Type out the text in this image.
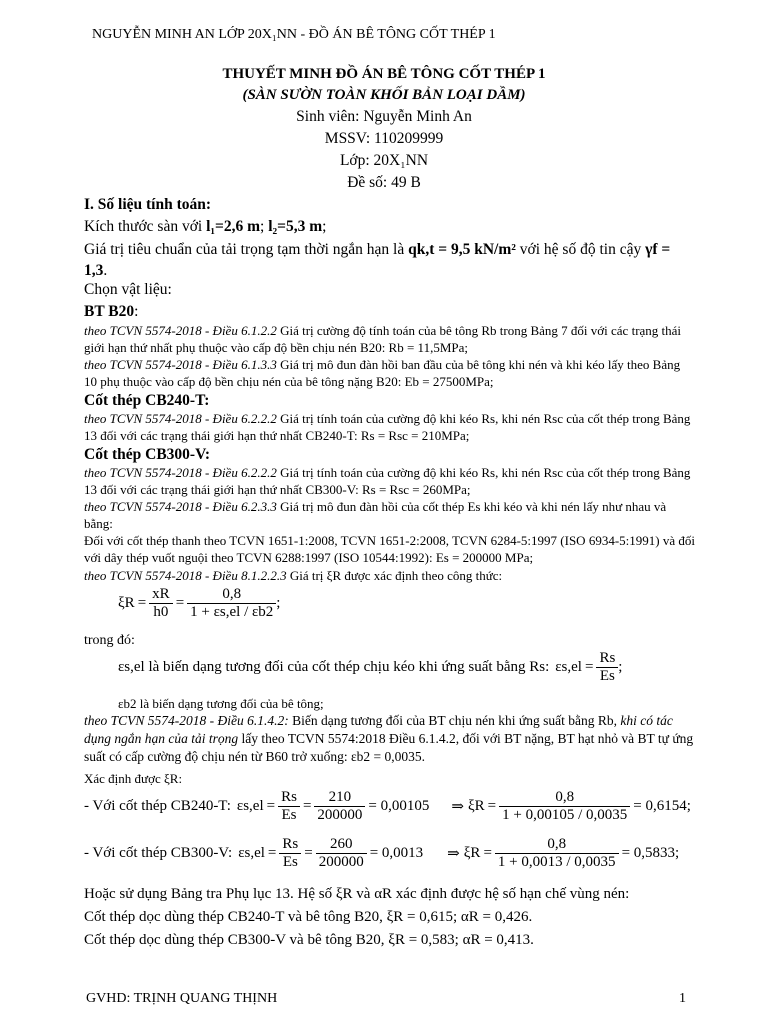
NGUYỄN MINH AN LỚP 20X₁NN - ĐỒ ÁN BÊ TÔNG CỐT THÉP 1
THUYẾT MINH ĐỒ ÁN BÊ TÔNG CỐT THÉP 1
(SÀN SƯỜN TOÀN KHỐI BẢN LOẠI DẦM)
Sinh viên: Nguyễn Minh An
MSSV: 110209999
Lớp: 20X₁NN
Đề số: 49 B
I. Số liệu tính toán:
Kích thước sàn với l₁=2,6 m; l₂=5,3 m;
Giá trị tiêu chuẩn của tải trọng tạm thời ngắn hạn là qk,t = 9,5 kN/m² với hệ số độ tin cậy γf = 1,3.
Chọn vật liệu:
BT B20:
theo TCVN 5574-2018 - Điều 6.1.2.2 Giá trị cường độ tính toán của bê tông Rb trong Bảng 7 đối với các trạng thái giới hạn thứ nhất phụ thuộc vào cấp độ bền chịu nén B20: Rb = 11,5MPa;
theo TCVN 5574-2018 - Điều 6.1.3.3 Giá trị mô đun đàn hồi ban đầu của bê tông khi nén và khi kéo lấy theo Bảng 10 phụ thuộc vào cấp độ bền chịu nén của bê tông nặng B20: Eb = 27500MPa;
Cốt thép CB240-T:
theo TCVN 5574-2018 - Điều 6.2.2.2 Giá trị tính toán của cường độ khi kéo Rs, khi nén Rsc của cốt thép trong Bảng 13 đối với các trạng thái giới hạn thứ nhất CB240-T: Rs = Rsc = 210MPa;
Cốt thép CB300-V:
theo TCVN 5574-2018 - Điều 6.2.2.2 Giá trị tính toán của cường độ khi kéo Rs, khi nén Rsc của cốt thép trong Bảng 13 đối với các trạng thái giới hạn thứ nhất CB300-V: Rs = Rsc = 260MPa;
theo TCVN 5574-2018 - Điều 6.2.3.3 Giá trị mô đun đàn hồi của cốt thép Es khi kéo và khi nén lấy như nhau và bằng:
Đối với cốt thép thanh theo TCVN 1651-1:2008, TCVN 1651-2:2008, TCVN 6284-5:1997 (ISO 6934-5:1991) và đối với dây thép vuốt nguội theo TCVN 6288:1997 (ISO 10544:1992): Es = 200000 MPa;
theo TCVN 5574-2018 - Điều 8.1.2.2.3 Giá trị ξR được xác định theo công thức:
$\xi R = \frac{xR}{h0} = \frac{0,8}{1 + \varepsilon s,el / \varepsilon b2}$ ;
trong đó:
εs,el là biến dạng tương đối của cốt thép chịu kéo khi ứng suất bằng Rs: $\varepsilon s,el = \frac{Rs}{Es}$ ;
εb2 là biến dạng tương đối của bê tông;
theo TCVN 5574-2018 - Điều 6.1.4.2: Biến dạng tương đối của BT chịu nén khi ứng suất bằng Rb, khi có tác dụng ngắn hạn của tải trọng lấy theo TCVN 5574:2018 Điều 6.1.4.2, đối với BT nặng, BT hạt nhỏ và BT tự ứng suất có cấp cường độ chịu nén từ B60 trở xuống: εb2 = 0,0035.
Xác định được ξR:
- Với cốt thép CB240-T: $\varepsilon s,el = \frac{Rs}{Es} = \frac{210}{200000} = 0,00105$ ⇒ $\xi R = \frac{0,8}{1 + 0,00105 / 0,0035} = 0,6154$;
- Với cốt thép CB300-V: $\varepsilon s,el = \frac{Rs}{Es} = \frac{260}{200000} = 0,0013$ ⇒ $\xi R = \frac{0,8}{1 + 0,0013 / 0,0035} = 0,5833$;
Hoặc sử dụng Bảng tra Phụ lục 13. Hệ số ξR và αR xác định được hệ số hạn chế vùng nén:
Cốt thép dọc dùng thép CB240-T và bê tông B20, ξR = 0,615; αR = 0,426.
Cốt thép dọc dùng thép CB300-V và bê tông B20, ξR = 0,583; αR = 0,413.
GVHD: TRỊNH QUANG THỊNH	1
